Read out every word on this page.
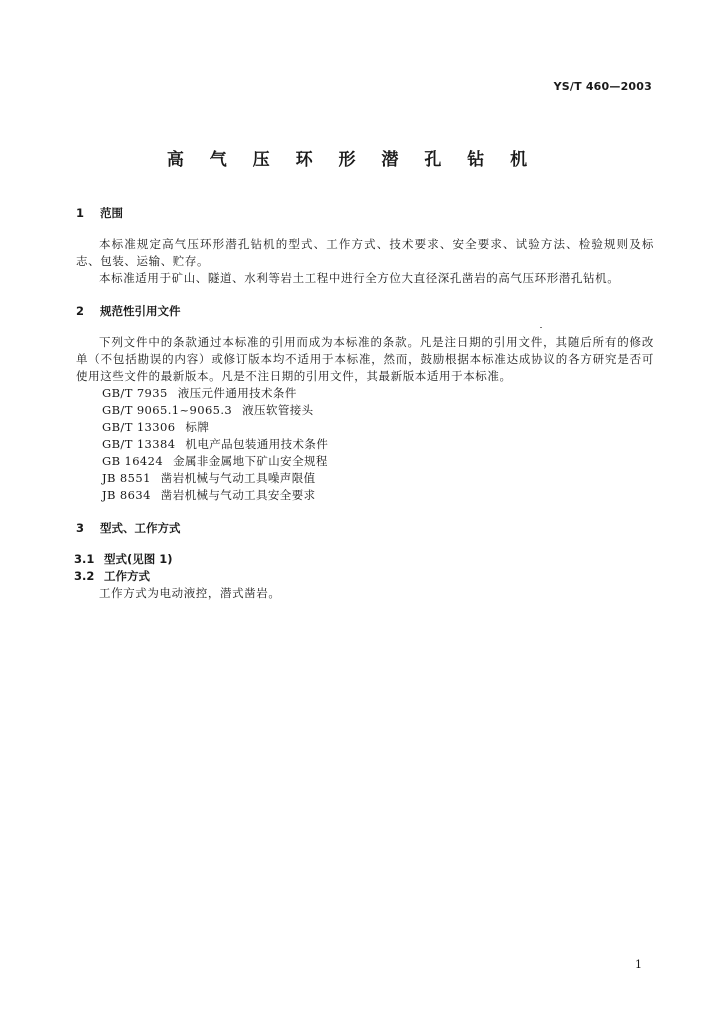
YS/T 460—2003
高 气 压 环 形 潜 孔 钻 机
1 范围

本标准规定高气压环形潜孔钻机的型式、工作方式、技术要求、安全要求、试验方法、检验规则及标志、包装、运输、贮存。

本标准适用于矿山、隧道、水利等岩土工程中进行全方位大直径深孔凿岩的高气压环形潜孔钻机。

2 规范性引用文件

下列文件中的条款通过本标准的引用而成为本标准的条款。凡是注日期的引用文件，其随后所有的修改单（不包括勘误的内容）或修订版本均不适用于本标准，然而，鼓励根据本标准达成协议的各方研究是否可使用这些文件的最新版本。凡是不注日期的引用文件，其最新版本适用于本标准。

GB/T 7935 液压元件通用技术条件
GB/T 9065.1~9065.3 液压软管接头
GB/T 13306 标牌
GB/T 13384 机电产品包装通用技术条件
GB 16424 金属非金属地下矿山安全规程
JB 8551 凿岩机械与气动工具噪声限值
JB 8634 凿岩机械与气动工具安全要求
3 型式、工作方式
3.1 型式(见图 1)
3.2 工作方式

工作方式为电动液控，潜式凿岩。

1
